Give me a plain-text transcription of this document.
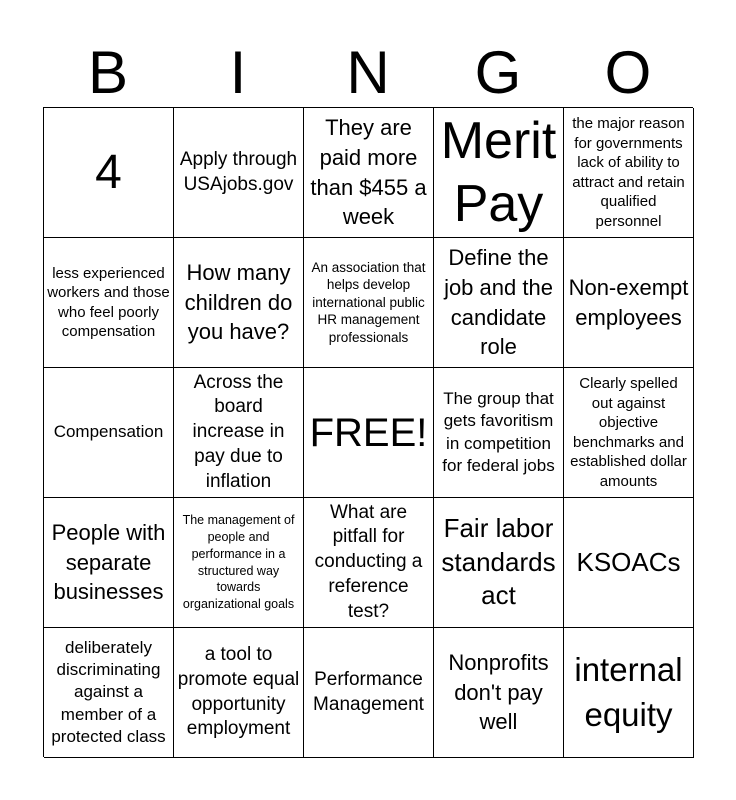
B	I	N	G	O
4	Apply through USAjobs.gov
They are paid more than $455 a week
Merit Pay
the major reason for governments lack of ability to attract and retain qualified personnel
less experienced workers and those who feel poorly compensation
How many children do you have?
An association that helps develop international public HR management professionals
Define the job and the candidate role
Non-exempt employees
Compensation
Across the board increase in pay due to inflation
FREE!
The group that gets favoritism in competition for federal jobs
Clearly spelled out against objective benchmarks and established dollar amounts
People with separate businesses
The management of people and performance in a structured way towards organizational goals
What are pitfall for conducting a reference test?
Fair labor standards act
KSOACs
deliberately discriminating against a member of a protected class
a tool to promote equal opportunity employment
Performance Management
Nonprofits don't pay well
internal equity
